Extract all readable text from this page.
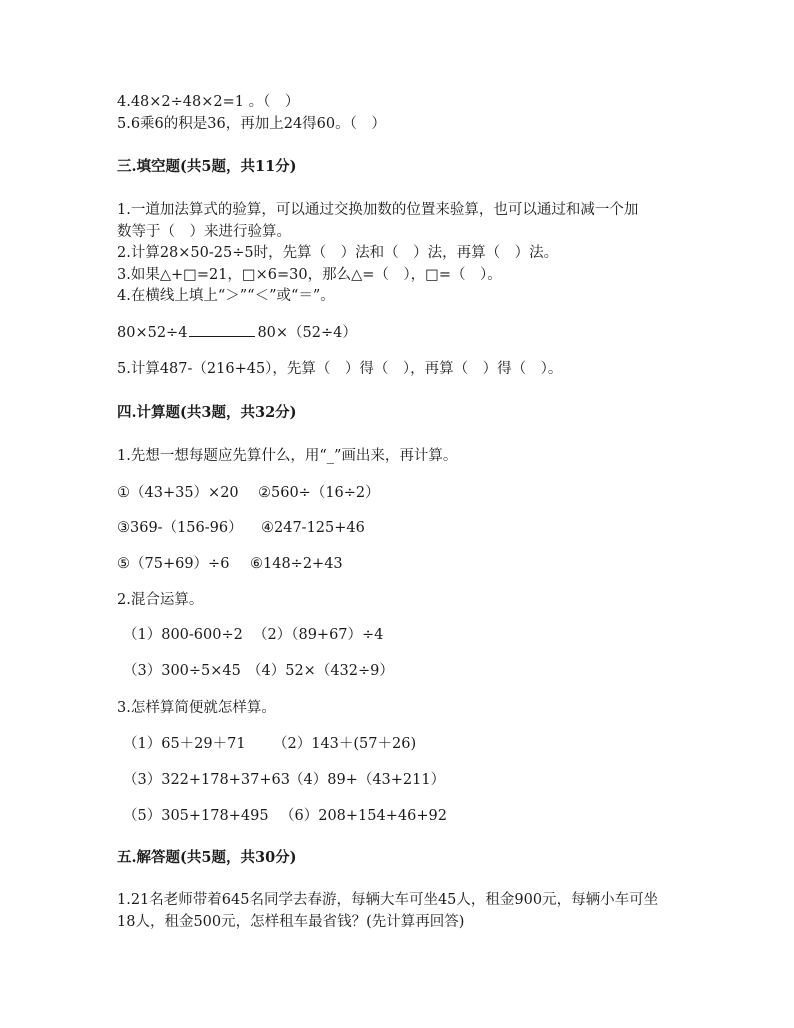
4.48×2÷48×2=1 。（　）
5.6乘6的积是36，再加上24得60。（　）
三.填空题(共5题，共11分)
1.一道加法算式的验算，可以通过交换加数的位置来验算，也可以通过和减一个加
数等于（　）来进行验算。
2.计算28×50-25÷5时，先算（　）法和（　）法，再算（　）法。
3.如果△+□=21，□×6=30，那么△=（　），□=（　）。
4.在横线上填上“＞”“＜”或“＝”。
80×52÷4	80×（52÷4）
5.计算487-（216+45），先算（　）得（　），再算（　）得（　）。
四.计算题(共3题，共32分)
1.先想一想每题应先算什么，用“_”画出来，再计算。
①（43+35）×20 ②560÷（16÷2）
③369-（156-96） ④247-125+46
⑤（75+69）÷6 ⑥148÷2+43
2.混合运算。
（1）800-600÷2 （2）（89+67）÷4
（3）300÷5×45 （4）52×（432÷9）
3.怎样算简便就怎样算。
（1）65＋29＋71 （2）143＋(57＋26)
（3）322+178+37+63（4）89+（43+211）
（5）305+178+495 （6）208+154+46+92
五.解答题(共5题，共30分)
1.21名老师带着645名同学去春游，每辆大车可坐45人，租金900元，每辆小车可坐
18人，租金500元，怎样租车最省钱？(先计算再回答)
